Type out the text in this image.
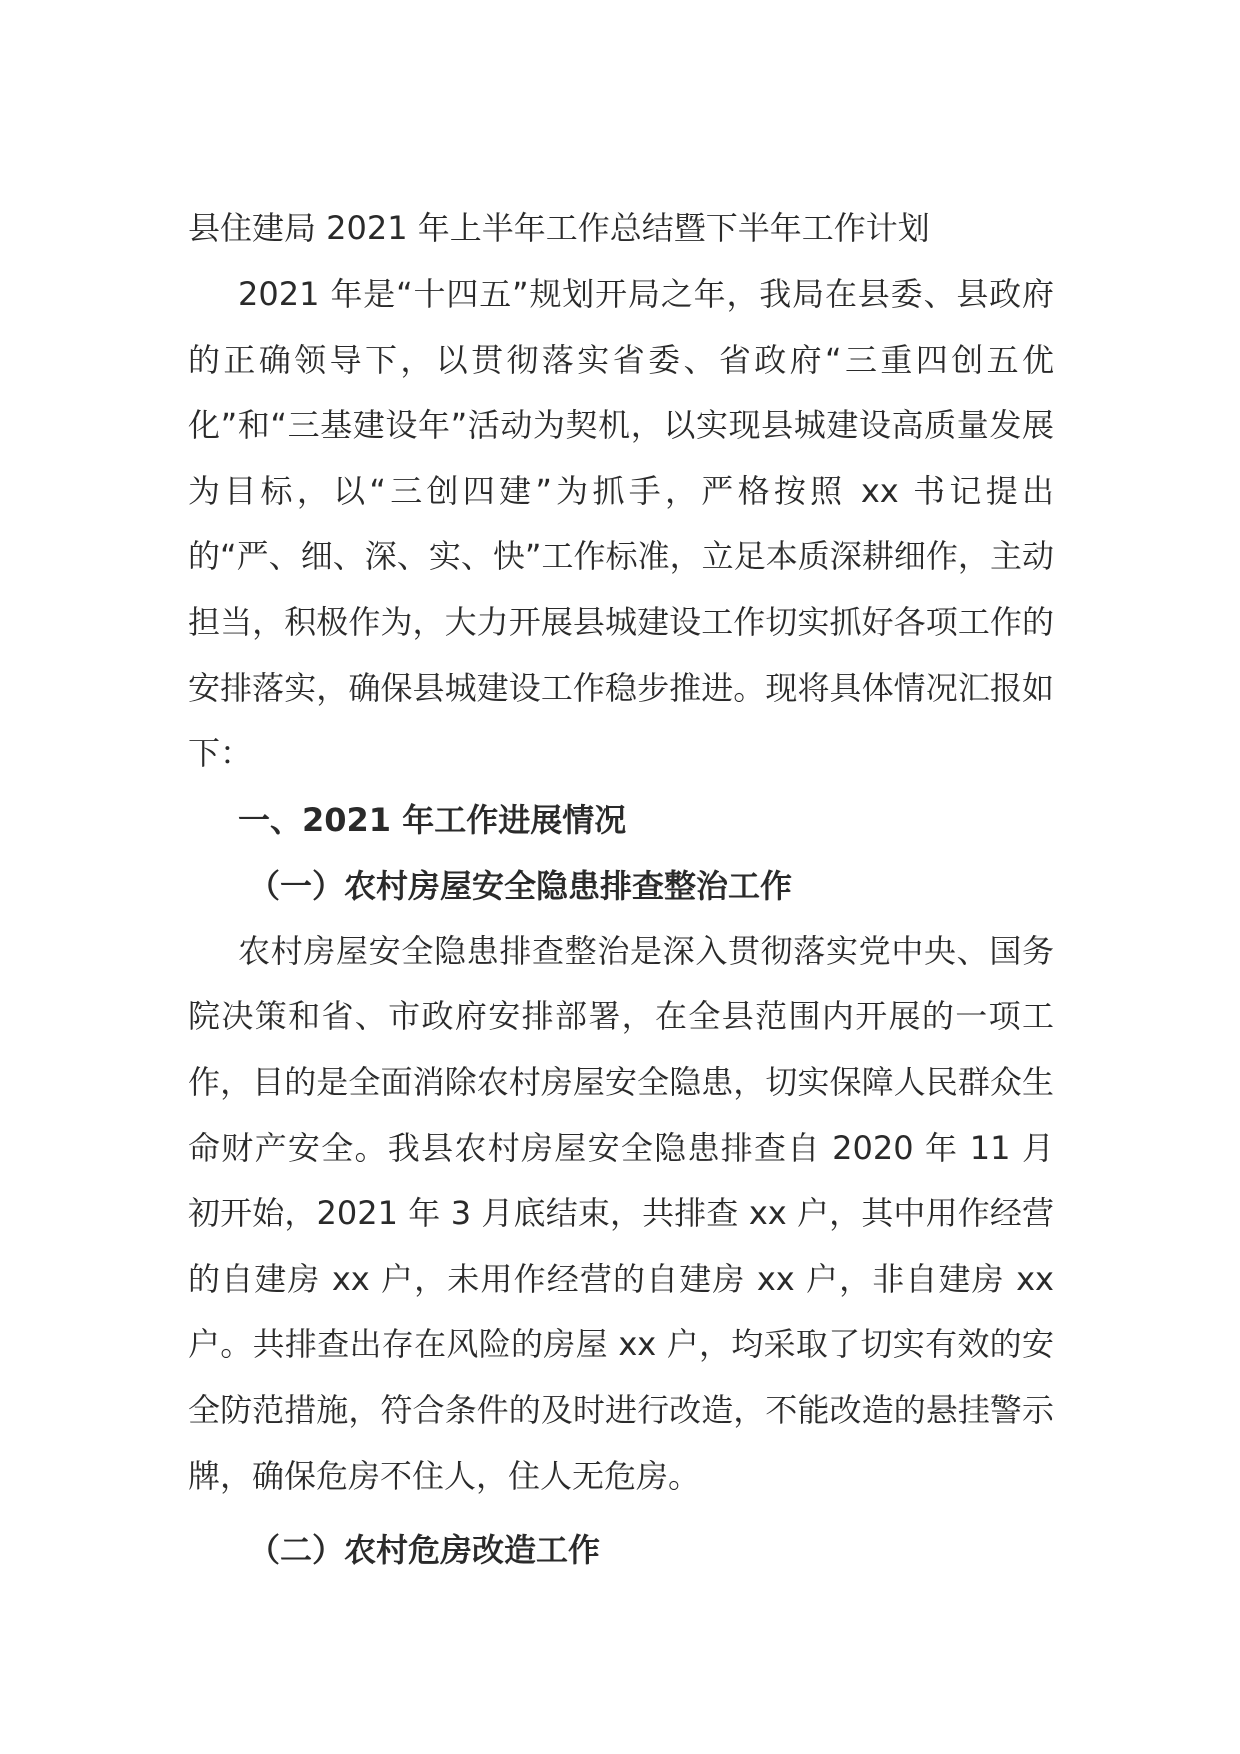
县住建局 2021 年上半年工作总结暨下半年工作计划

2021 年是“十四五”规划开局之年，我局在县委、县政府的正确领导下，以贯彻落实省委、省政府“三重四创五优化”和“三基建设年”活动为契机，以实现县城建设高质量发展为目标，以“三创四建”为抓手，严格按照 xx 书记提出的“严、细、深、实、快”工作标准，立足本质深耕细作，主动担当，积极作为，大力开展县城建设工作切实抓好各项工作的安排落实，确保县城建设工作稳步推进。现将具体情况汇报如下：

一、2021 年工作进展情况
（一）农村房屋安全隐患排查整治工作

农村房屋安全隐患排查整治是深入贯彻落实党中央、国务院决策和省、市政府安排部署，在全县范围内开展的一项工作，目的是全面消除农村房屋安全隐患，切实保障人民群众生命财产安全。我县农村房屋安全隐患排查自 2020 年 11 月初开始，2021 年 3 月底结束，共排查 xx 户，其中用作经营的自建房 xx 户，未用作经营的自建房 xx 户，非自建房 xx 户。共排查出存在风险的房屋 xx 户，均采取了切实有效的安全防范措施，符合条件的及时进行改造，不能改造的悬挂警示牌，确保危房不住人，住人无危房。

（二）农村危房改造工作
